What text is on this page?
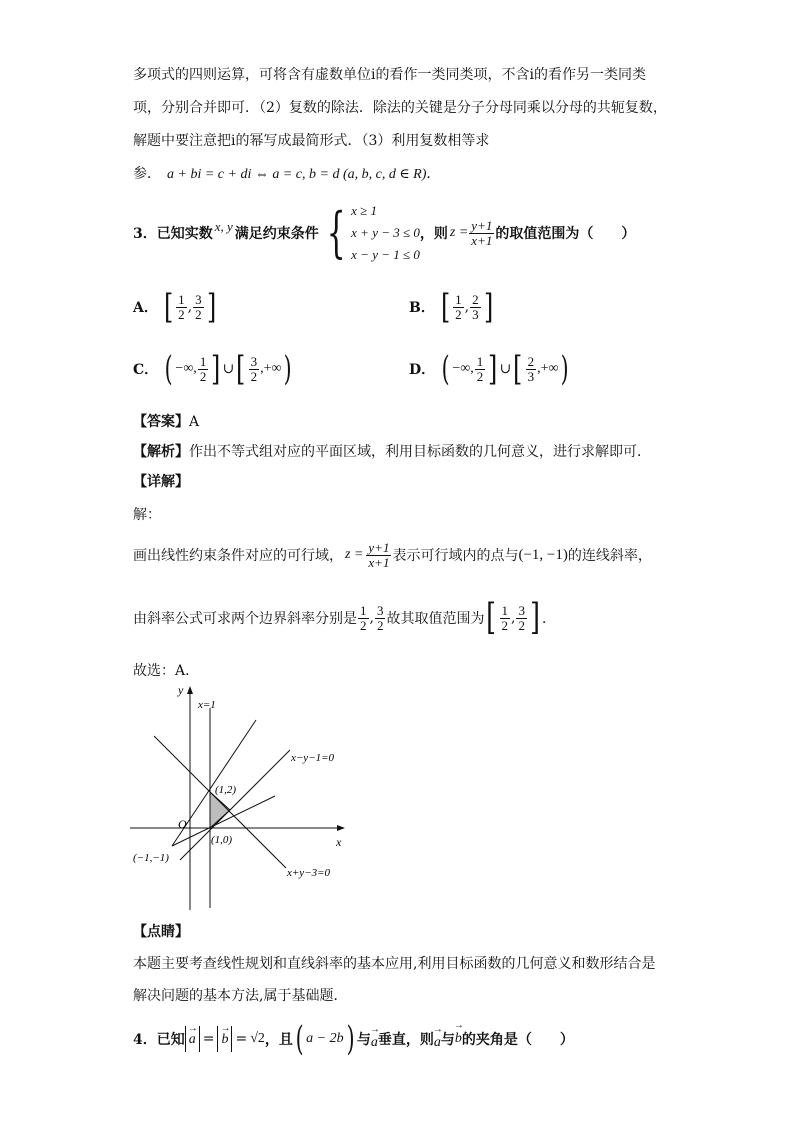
多项式的四则运算，可将含有虚数单位i的看作一类同类项，不含i的看作另一类同类
项，分别合并即可．（2）复数的除法．除法的关键是分子分母同乘以分母的共轭复数，
解题中要注意把i的幂写成最简形式．（3）利用复数相等求
参． a + bi = c + di ⇔ a = c, b = d (a, b, c, d ∈ R)．
3． 已知实数 x, y 满足约束条件 { x ≥ 1
x + y − 3 ≤ 0
x − y − 1 ≤ 0
，则 $z = \frac{y+1}{x+1}$ 的取值范围为（　　）
A． [ $\frac{1}{2}$ , $\frac{3}{2}$ ]	B． [ $\frac{1}{2}$ , $\frac{2}{3}$ ]
C． ( −∞, $\frac{1}{2}$ ] ∪ [ $\frac{3}{2}$ ,+∞ )	D． ( −∞, $\frac{1}{2}$ ] ∪ [ $\frac{2}{3}$ ,+∞ )
【答案】A
【解析】作出不等式组对应的平面区域，利用目标函数的几何意义，进行求解即可．
【详解】
解：
画出线性约束条件对应的可行域， $z = \frac{y+1}{x+1}$ 表示可行域内的点与 (−1, −1) 的连线斜率，
由斜率公式可求两个边界斜率分别是 $\frac{1}{2}$ , $\frac{3}{2}$ 故其取值范围为 [ $\frac{1}{2}$ , $\frac{3}{2}$ ] ．
故选：A．
y
x
O
x=1
x−y−1=0
x+y−3=0
(1,2)
(1,0)
(−1,−1)
【点睛】
本题主要考查线性规划和直线斜率的基本应用,利用目标函数的几何意义和数形结合是
解决问题的基本方法,属于基础题．
4． 已知 → a = → b = √2 ，且 ( a − 2b ) 与 → a 垂直，则 → a 与 → b 的夹角是（　　）
